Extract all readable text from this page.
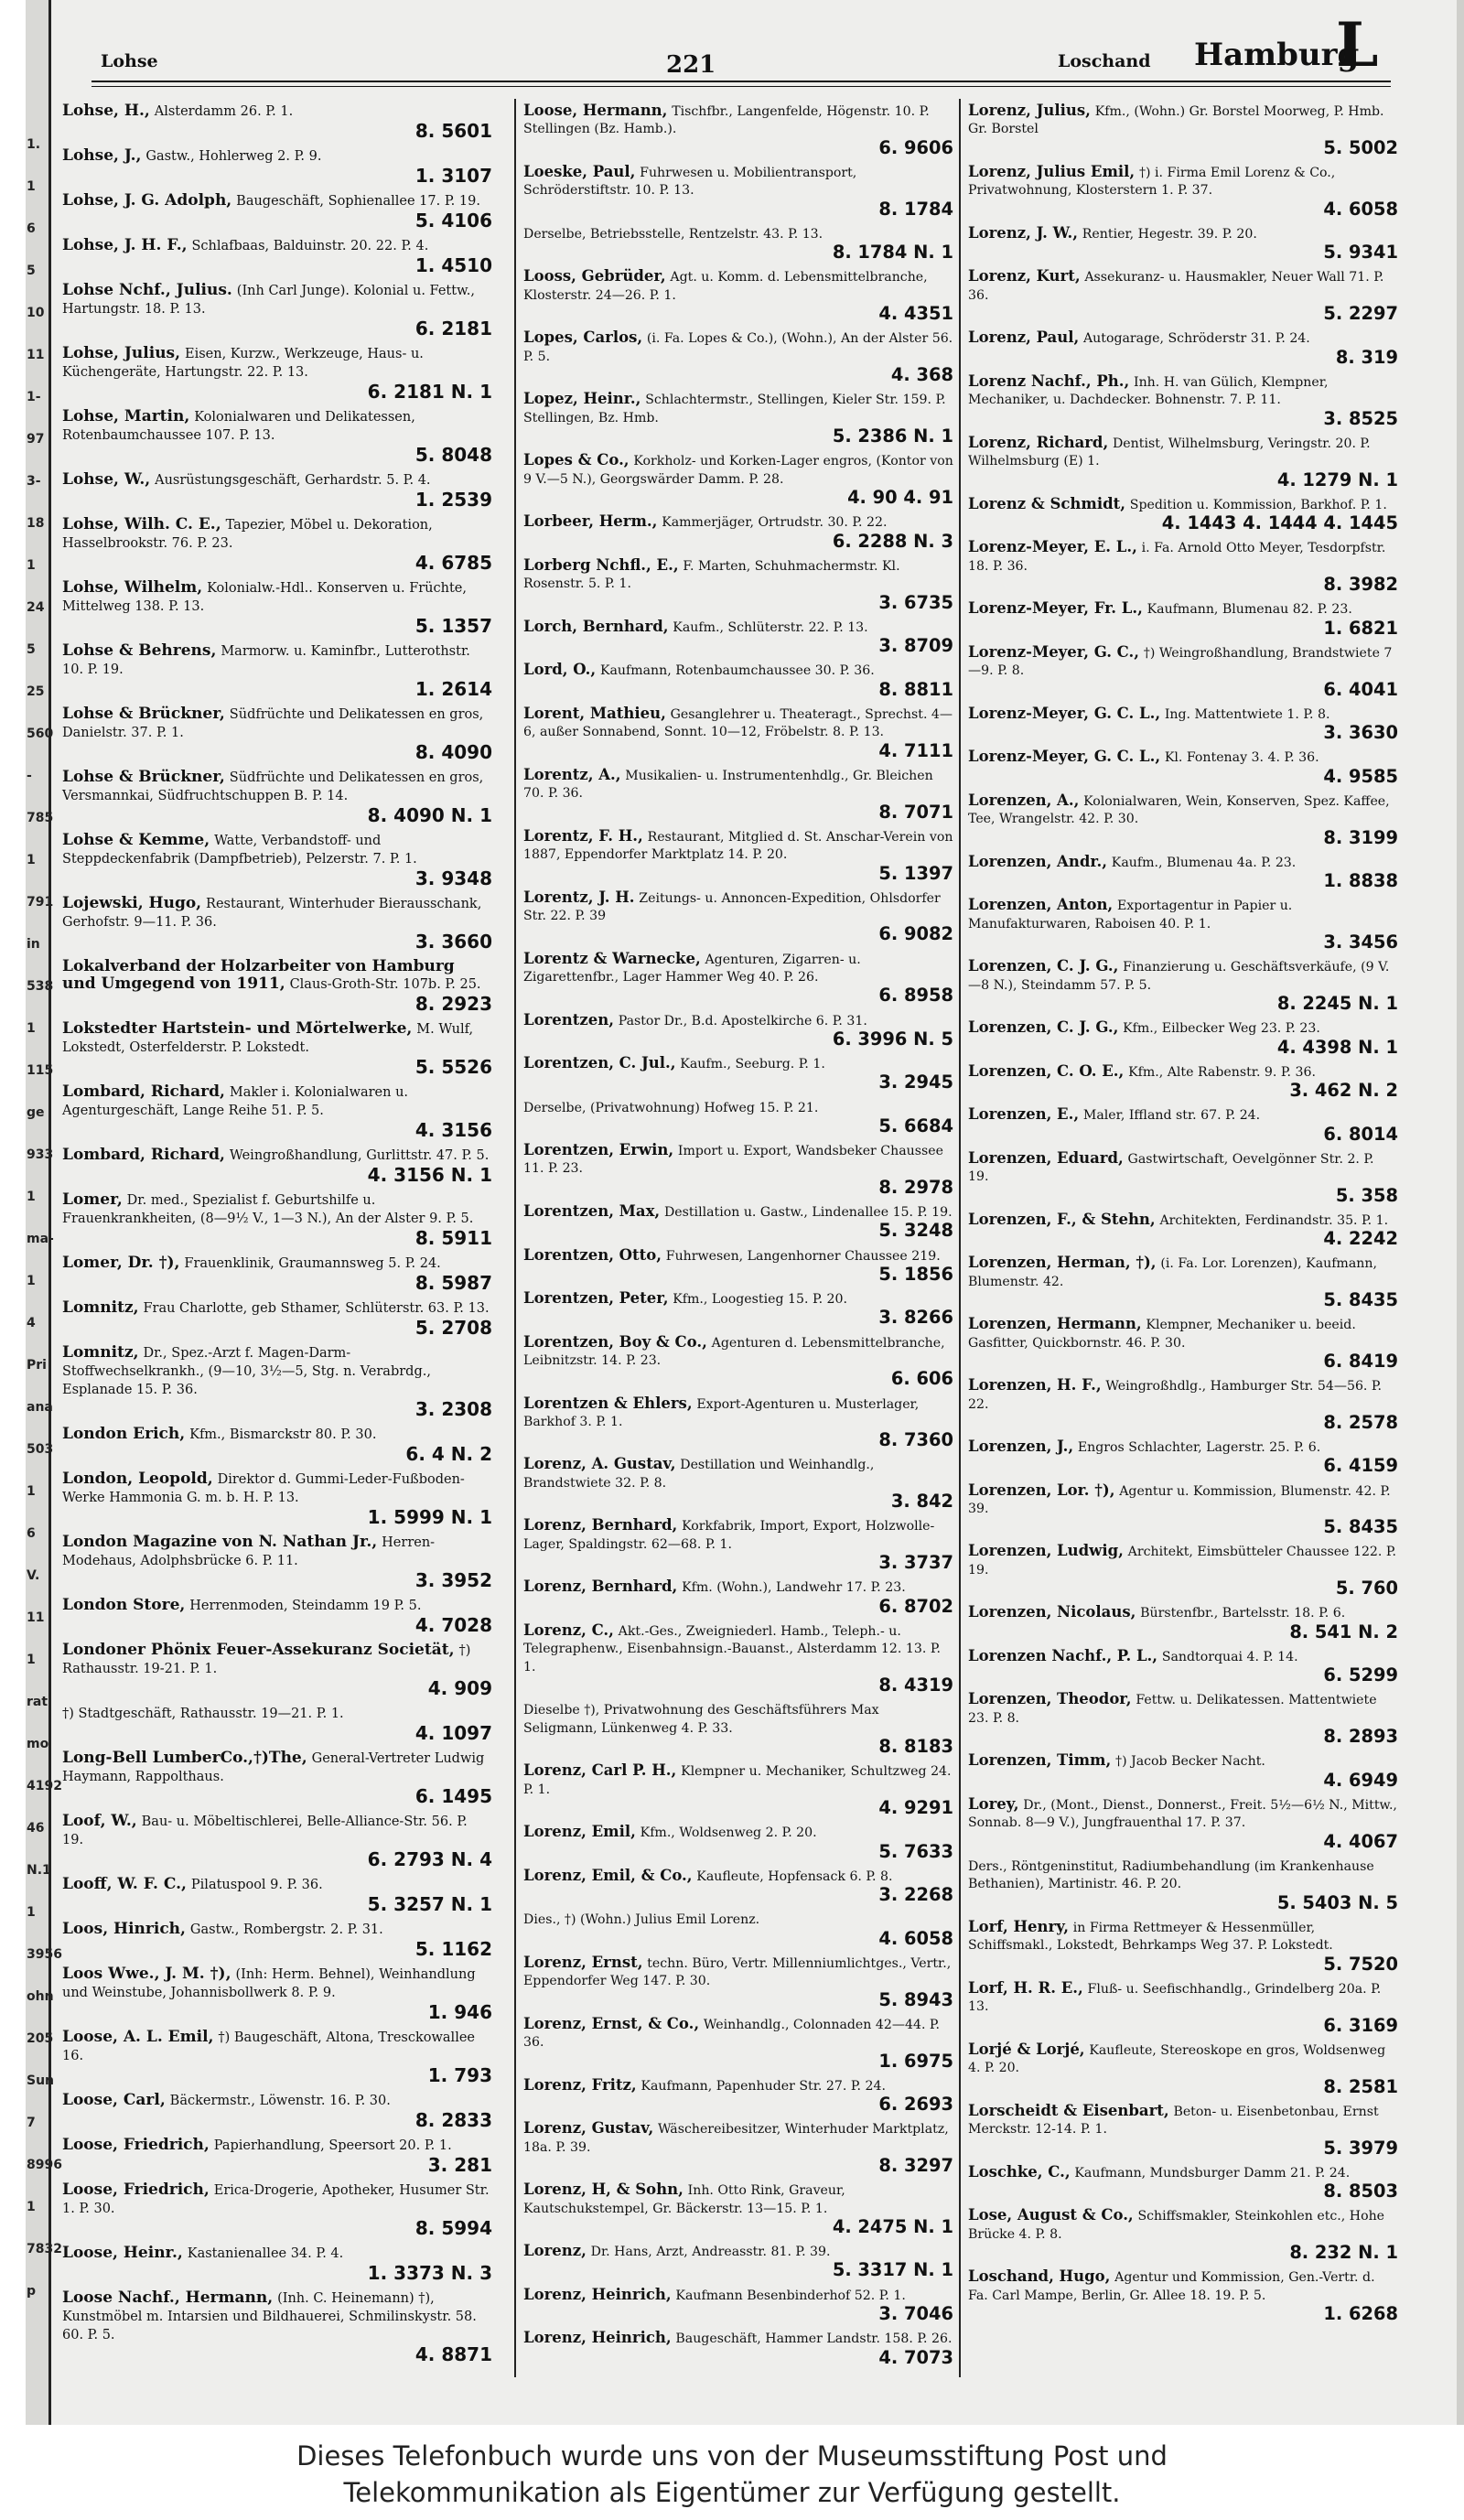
1.
1
6
5
10
11
1-
97
3-
18
1
24
5
25
560
-
785
1
791
in
538
1
115
ge
933
1
ma-
1
4
Pri
ana
503
1
6
V.
11
1
rat
mo
4192
46
N.1
1
3956
ohn
205
Sun
7
8996
1
7832
p
Lohse	221	Loschand Hamburg
L
Lohse, H., Alsterdamm 26. P. 1.
8. 5601
Lohse, J., Gastw., Hohlerweg 2. P. 9.
1. 3107
Lohse, J. G. Adolph, Baugeschäft, Sophienallee 17. P. 19.
5. 4106
Lohse, J. H. F., Schlafbaas, Balduinstr. 20. 22. P. 4.
1. 4510
Lohse Nchf., Julius. (Inh Carl Junge). Kolonial u. Fettw., Hartungstr. 18. P. 13.
6. 2181
Lohse, Julius, Eisen, Kurzw., Werkzeuge, Haus- u. Küchengeräte, Hartungstr. 22. P. 13.
6. 2181 N. 1
Lohse, Martin, Kolonialwaren und Delikatessen, Rotenbaumchaussee 107. P. 13.
5. 8048
Lohse, W., Ausrüstungsgeschäft, Gerhardstr. 5. P. 4.
1. 2539
Lohse, Wilh. C. E., Tapezier, Möbel u. Dekoration, Hasselbrookstr. 76. P. 23.
4. 6785
Lohse, Wilhelm, Kolonialw.-Hdl.. Konserven u. Früchte, Mittelweg 138. P. 13.
5. 1357
Lohse & Behrens, Marmorw. u. Kaminfbr., Lutterothstr. 10. P. 19.
1. 2614
Lohse & Brückner, Südfrüchte und Delikatessen en gros, Danielstr. 37. P. 1.
8. 4090
Lohse & Brückner, Südfrüchte und Delikatessen en gros, Versmannkai, Südfruchtschuppen B. P. 14.
8. 4090 N. 1
Lohse & Kemme, Watte, Verbandstoff- und Steppdeckenfabrik (Dampfbetrieb), Pelzerstr. 7. P. 1.
3. 9348
Lojewski, Hugo, Restaurant, Winterhuder Bierausschank, Gerhofstr. 9—11. P. 36.
3. 3660
Lokalverband der Holzarbeiter von Hamburg und Umgegend von 1911, Claus-Groth-Str. 107b. P. 25.
8. 2923
Lokstedter Hartstein- und Mörtelwerke, M. Wulf, Lokstedt, Osterfelderstr. P. Lokstedt.
5. 5526
Lombard, Richard, Makler i. Kolonialwaren u. Agenturgeschäft, Lange Reihe 51. P. 5.
4. 3156
Lombard, Richard, Weingroßhandlung, Gurlittstr. 47. P. 5.
4. 3156 N. 1
Lomer, Dr. med., Spezialist f. Geburtshilfe u. Frauenkrankheiten, (8—9½ V., 1—3 N.), An der Alster 9. P. 5.
8. 5911
Lomer, Dr. †), Frauenklinik, Graumannsweg 5. P. 24.
8. 5987
Lomnitz, Frau Charlotte, geb Sthamer, Schlüterstr. 63. P. 13.
5. 2708
Lomnitz, Dr., Spez.-Arzt f. Magen-Darm-Stoffwechselkrankh., (9—10, 3½—5, Stg. n. Verabrdg., Esplanade 15. P. 36.
3. 2308
London Erich, Kfm., Bismarckstr 80. P. 30.
6. 4 N. 2
London, Leopold, Direktor d. Gummi-Leder-Fußboden-Werke Hammonia G. m. b. H. P. 13.
1. 5999 N. 1
London Magazine von N. Nathan Jr., Herren-Modehaus, Adolphsbrücke 6. P. 11.
3. 3952
London Store, Herrenmoden, Steindamm 19 P. 5.
4. 7028
Londoner Phönix Feuer-Assekuranz Societät, †) Rathausstr. 19-21. P. 1.
4. 909
†) Stadtgeschäft, Rathausstr. 19—21. P. 1.
4. 1097
Long-Bell LumberCo.,†)The, General-Vertreter Ludwig Haymann, Rappolthaus.
6. 1495
Loof, W., Bau- u. Möbeltischlerei, Belle-Alliance-Str. 56. P. 19.
6. 2793 N. 4
Looff, W. F. C., Pilatuspool 9. P. 36.
5. 3257 N. 1
Loos, Hinrich, Gastw., Rombergstr. 2. P. 31.
5. 1162
Loos Wwe., J. M. †), (Inh: Herm. Behnel), Weinhandlung und Weinstube, Johannisbollwerk 8. P. 9.
1. 946
Loose, A. L. Emil, †) Baugeschäft, Altona, Tresckowallee 16.
1. 793
Loose, Carl, Bäckermstr., Löwenstr. 16. P. 30.
8. 2833
Loose, Friedrich, Papierhandlung, Speersort 20. P. 1.
3. 281
Loose, Friedrich, Erica-Drogerie, Apotheker, Husumer Str. 1. P. 30.
8. 5994
Loose, Heinr., Kastanienallee 34. P. 4.
1. 3373 N. 3
Loose Nachf., Hermann, (Inh. C. Heinemann) †), Kunstmöbel m. Intarsien und Bildhauerei, Schmilinskystr. 58. 60. P. 5.
4. 8871
Loose, Hermann, Tischfbr., Langenfelde, Högenstr. 10. P. Stellingen (Bz. Hamb.).
6. 9606
Loeske, Paul, Fuhrwesen u. Mobilientransport, Schröderstiftstr. 10. P. 13.
8. 1784
Derselbe, Betriebsstelle, Rentzelstr. 43. P. 13.
8. 1784 N. 1
Looss, Gebrüder, Agt. u. Komm. d. Lebensmittelbranche, Klosterstr. 24—26. P. 1.
4. 4351
Lopes, Carlos, (i. Fa. Lopes & Co.), (Wohn.), An der Alster 56. P. 5.
4. 368
Lopez, Heinr., Schlachtermstr., Stellingen, Kieler Str. 159. P. Stellingen, Bz. Hmb.
5. 2386 N. 1
Lopes & Co., Korkholz- und Korken-Lager engros, (Kontor von 9 V.—5 N.), Georgswärder Damm. P. 28.
4. 90 4. 91
Lorbeer, Herm., Kammerjäger, Ortrudstr. 30. P. 22.
6. 2288 N. 3
Lorberg Nchfl., E., F. Marten, Schuhmachermstr. Kl. Rosenstr. 5. P. 1.
3. 6735
Lorch, Bernhard, Kaufm., Schlüterstr. 22. P. 13.
3. 8709
Lord, O., Kaufmann, Rotenbaumchaussee 30. P. 36.
8. 8811
Lorent, Mathieu, Gesanglehrer u. Theateragt., Sprechst. 4—6, außer Sonnabend, Sonnt. 10—12, Fröbelstr. 8. P. 13.
4. 7111
Lorentz, A., Musikalien- u. Instrumentenhdlg., Gr. Bleichen 70. P. 36.
8. 7071
Lorentz, F. H., Restaurant, Mitglied d. St. Anschar-Verein von 1887, Eppendorfer Marktplatz 14. P. 20.
5. 1397
Lorentz, J. H. Zeitungs- u. Annoncen-Expedition, Ohlsdorfer Str. 22. P. 39
6. 9082
Lorentz & Warnecke, Agenturen, Zigarren- u. Zigarettenfbr., Lager Hammer Weg 40. P. 26.
6. 8958
Lorentzen, Pastor Dr., B.d. Apostelkirche 6. P. 31.
6. 3996 N. 5
Lorentzen, C. Jul., Kaufm., Seeburg. P. 1.
3. 2945
Derselbe, (Privatwohnung) Hofweg 15. P. 21.
5. 6684
Lorentzen, Erwin, Import u. Export, Wandsbeker Chaussee 11. P. 23.
8. 2978
Lorentzen, Max, Destillation u. Gastw., Lindenallee 15. P. 19.
5. 3248
Lorentzen, Otto, Fuhrwesen, Langenhorner Chaussee 219.
5. 1856
Lorentzen, Peter, Kfm., Loogestieg 15. P. 20.
3. 8266
Lorentzen, Boy & Co., Agenturen d. Lebensmittelbranche, Leibnitzstr. 14. P. 23.
6. 606
Lorentzen & Ehlers, Export-Agenturen u. Musterlager, Barkhof 3. P. 1.
8. 7360
Lorenz, A. Gustav, Destillation und Weinhandlg., Brandstwiete 32. P. 8.
3. 842
Lorenz, Bernhard, Korkfabrik, Import, Export, Holzwolle-Lager, Spaldingstr. 62—68. P. 1.
3. 3737
Lorenz, Bernhard, Kfm. (Wohn.), Landwehr 17. P. 23.
6. 8702
Lorenz, C., Akt.-Ges., Zweigniederl. Hamb., Teleph.- u. Telegraphenw., Eisenbahnsign.-Bauanst., Alsterdamm 12. 13. P. 1.
8. 4319
Dieselbe †), Privatwohnung des Geschäftsführers Max Seligmann, Lünkenweg 4. P. 33.
8. 8183
Lorenz, Carl P. H., Klempner u. Mechaniker, Schultzweg 24. P. 1.
4. 9291
Lorenz, Emil, Kfm., Woldsenweg 2. P. 20.
5. 7633
Lorenz, Emil, & Co., Kaufleute, Hopfensack 6. P. 8.
3. 2268
Dies., †) (Wohn.) Julius Emil Lorenz.
4. 6058
Lorenz, Ernst, techn. Büro, Vertr. Millenniumlichtges., Vertr., Eppendorfer Weg 147. P. 30.
5. 8943
Lorenz, Ernst, & Co., Weinhandlg., Colonnaden 42—44. P. 36.
1. 6975
Lorenz, Fritz, Kaufmann, Papenhuder Str. 27. P. 24.
6. 2693
Lorenz, Gustav, Wäschereibesitzer, Winterhuder Marktplatz, 18a. P. 39.
8. 3297
Lorenz, H, & Sohn, Inh. Otto Rink, Graveur, Kautschukstempel, Gr. Bäckerstr. 13—15. P. 1.
4. 2475 N. 1
Lorenz, Dr. Hans, Arzt, Andreasstr. 81. P. 39.
5. 3317 N. 1
Lorenz, Heinrich, Kaufmann Besenbinderhof 52. P. 1.
3. 7046
Lorenz, Heinrich, Baugeschäft, Hammer Landstr. 158. P. 26.
4. 7073
Lorenz, Julius, Kfm., (Wohn.) Gr. Borstel Moorweg, P. Hmb. Gr. Borstel
5. 5002
Lorenz, Julius Emil, †) i. Firma Emil Lorenz & Co., Privatwohnung, Klosterstern 1. P. 37.
4. 6058
Lorenz, J. W., Rentier, Hegestr. 39. P. 20.
5. 9341
Lorenz, Kurt, Assekuranz- u. Hausmakler, Neuer Wall 71. P. 36.
5. 2297
Lorenz, Paul, Autogarage, Schröderstr 31. P. 24.
8. 319
Lorenz Nachf., Ph., Inh. H. van Gülich, Klempner, Mechaniker, u. Dachdecker. Bohnenstr. 7. P. 11.
3. 8525
Lorenz, Richard, Dentist, Wilhelmsburg, Veringstr. 20. P. Wilhelmsburg (E) 1.
4. 1279 N. 1
Lorenz & Schmidt, Spedition u. Kommission, Barkhof. P. 1.
4. 1443 4. 1444 4. 1445
Lorenz-Meyer, E. L., i. Fa. Arnold Otto Meyer, Tesdorpfstr. 18. P. 36.
8. 3982
Lorenz-Meyer, Fr. L., Kaufmann, Blumenau 82. P. 23.
1. 6821
Lorenz-Meyer, G. C., †) Weingroßhandlung, Brandstwiete 7—9. P. 8.
6. 4041
Lorenz-Meyer, G. C. L., Ing. Mattentwiete 1. P. 8.
3. 3630
Lorenz-Meyer, G. C. L., Kl. Fontenay 3. 4. P. 36.
4. 9585
Lorenzen, A., Kolonialwaren, Wein, Konserven, Spez. Kaffee, Tee, Wrangelstr. 42. P. 30.
8. 3199
Lorenzen, Andr., Kaufm., Blumenau 4a. P. 23.
1. 8838
Lorenzen, Anton, Exportagentur in Papier u. Manufakturwaren, Raboisen 40. P. 1.
3. 3456
Lorenzen, C. J. G., Finanzierung u. Geschäftsverkäufe, (9 V.—8 N.), Steindamm 57. P. 5.
8. 2245 N. 1
Lorenzen, C. J. G., Kfm., Eilbecker Weg 23. P. 23.
4. 4398 N. 1
Lorenzen, C. O. E., Kfm., Alte Rabenstr. 9. P. 36.
3. 462 N. 2
Lorenzen, E., Maler, Iffland str. 67. P. 24.
6. 8014
Lorenzen, Eduard, Gastwirtschaft, Oevelgönner Str. 2. P. 19.
5. 358
Lorenzen, F., & Stehn, Architekten, Ferdinandstr. 35. P. 1.
4. 2242
Lorenzen, Herman, †), (i. Fa. Lor. Lorenzen), Kaufmann, Blumenstr. 42.
5. 8435
Lorenzen, Hermann, Klempner, Mechaniker u. beeid. Gasfitter, Quickbornstr. 46. P. 30.
6. 8419
Lorenzen, H. F., Weingroßhdlg., Hamburger Str. 54—56. P. 22.
8. 2578
Lorenzen, J., Engros Schlachter, Lagerstr. 25. P. 6.
6. 4159
Lorenzen, Lor. †), Agentur u. Kommission, Blumenstr. 42. P. 39.
5. 8435
Lorenzen, Ludwig, Architekt, Eimsbütteler Chaussee 122. P. 19.
5. 760
Lorenzen, Nicolaus, Bürstenfbr., Bartelsstr. 18. P. 6.
8. 541 N. 2
Lorenzen Nachf., P. L., Sandtorquai 4. P. 14.
6. 5299
Lorenzen, Theodor, Fettw. u. Delikatessen. Mattentwiete 23. P. 8.
8. 2893
Lorenzen, Timm, †) Jacob Becker Nacht.
4. 6949
Lorey, Dr., (Mont., Dienst., Donnerst., Freit. 5½—6½ N., Mittw., Sonnab. 8—9 V.), Jungfrauenthal 17. P. 37.
4. 4067
Ders., Röntgeninstitut, Radiumbehandlung (im Krankenhause Bethanien), Martinistr. 46. P. 20.
5. 5403 N. 5
Lorf, Henry, in Firma Rettmeyer & Hessenmüller, Schiffsmakl., Lokstedt, Behrkamps Weg 37. P. Lokstedt.
5. 7520
Lorf, H. R. E., Fluß- u. Seefischhandlg., Grindelberg 20a. P. 13.
6. 3169
Lorjé & Lorjé, Kaufleute, Stereoskope en gros, Woldsenweg 4. P. 20.
8. 2581
Lorscheidt & Eisenbart, Beton- u. Eisenbetonbau, Ernst Merckstr. 12-14. P. 1.
5. 3979
Loschke, C., Kaufmann, Mundsburger Damm 21. P. 24.
8. 8503
Lose, August & Co., Schiffsmakler, Steinkohlen etc., Hohe Brücke 4. P. 8.
8. 232 N. 1
Loschand, Hugo, Agentur und Kommission, Gen.-Vertr. d. Fa. Carl Mampe, Berlin, Gr. Allee 18. 19. P. 5.
1. 6268
Dieses Telefonbuch wurde uns von der Museumsstiftung Post und
Telekommunikation als Eigentümer zur Verfügung gestellt.
